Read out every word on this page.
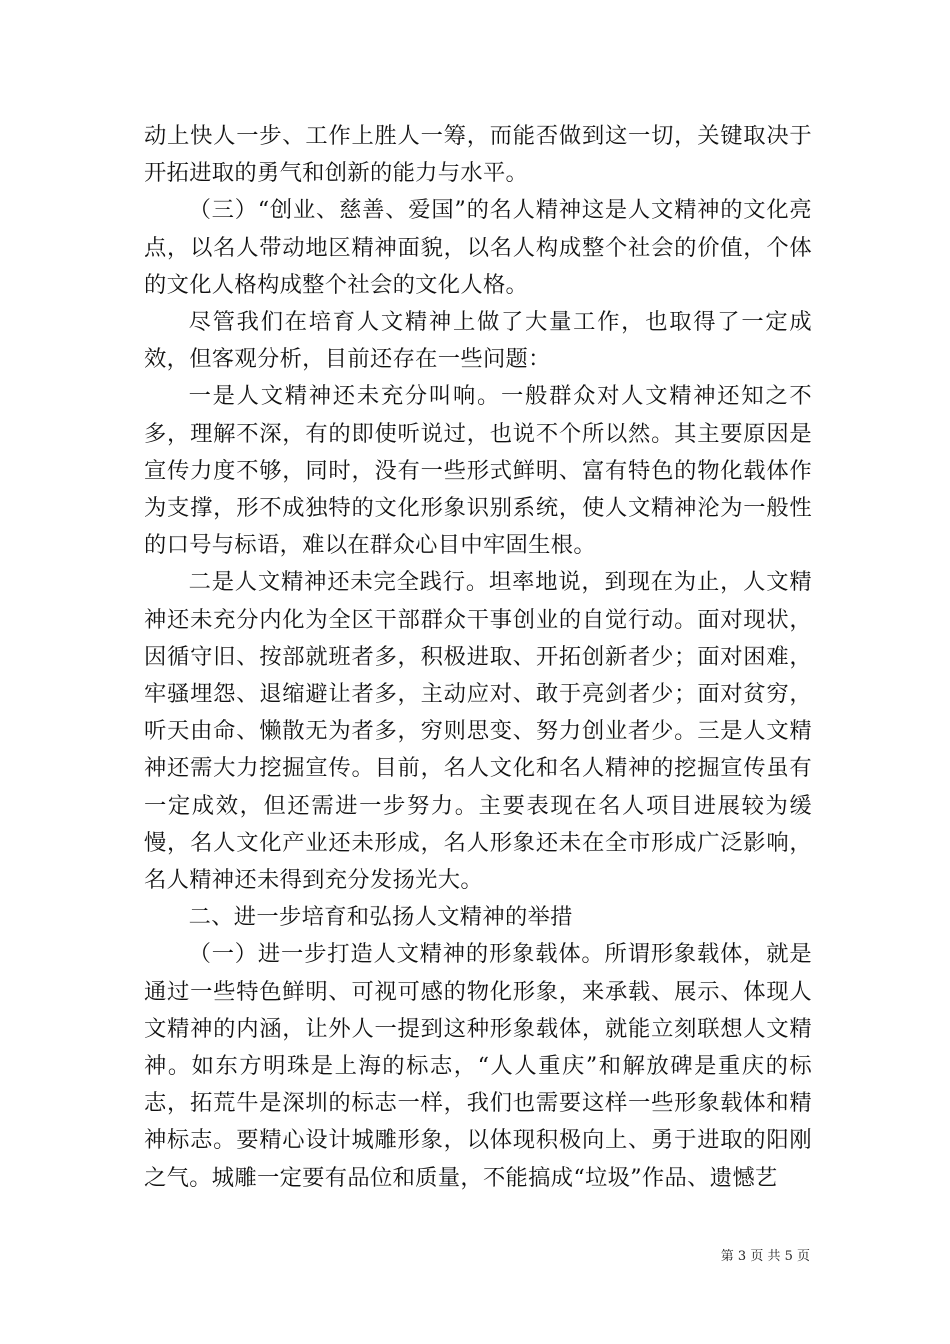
动上快人一步、工作上胜人一筹，而能否做到这一切，关键取决于开拓进取的勇气和创新的能力与水平。

（三）“创业、慈善、爱国”的名人精神这是人文精神的文化亮点，以名人带动地区精神面貌，以名人构成整个社会的价值，个体的文化人格构成整个社会的文化人格。

尽管我们在培育人文精神上做了大量工作，也取得了一定成效，但客观分析，目前还存在一些问题：

一是人文精神还未充分叫响。一般群众对人文精神还知之不多，理解不深，有的即使听说过，也说不个所以然。其主要原因是宣传力度不够，同时，没有一些形式鲜明、富有特色的物化载体作为支撑，形不成独特的文化形象识别系统，使人文精神沦为一般性的口号与标语，难以在群众心目中牢固生根。

二是人文精神还未完全践行。坦率地说，到现在为止，人文精神还未充分内化为全区干部群众干事创业的自觉行动。面对现状，因循守旧、按部就班者多，积极进取、开拓创新者少；面对困难，牢骚埋怨、退缩避让者多，主动应对、敢于亮剑者少；面对贫穷，听天由命、懒散无为者多，穷则思变、努力创业者少。三是人文精神还需大力挖掘宣传。目前，名人文化和名人精神的挖掘宣传虽有一定成效，但还需进一步努力。主要表现在名人项目进展较为缓慢，名人文化产业还未形成，名人形象还未在全市形成广泛影响，名人精神还未得到充分发扬光大。

二、进一步培育和弘扬人文精神的举措

（一）进一步打造人文精神的形象载体。所谓形象载体，就是通过一些特色鲜明、可视可感的物化形象，来承载、展示、体现人文精神的内涵，让外人一提到这种形象载体，就能立刻联想人文精神。如东方明珠是上海的标志，“人人重庆”和解放碑是重庆的标志，拓荒牛是深圳的标志一样，我们也需要这样一些形象载体和精神标志。要精心设计城雕形象，以体现积极向上、勇于进取的阳刚之气。城雕一定要有品位和质量，不能搞成“垃圾”作品、遗憾艺

第 3 页 共 5 页
